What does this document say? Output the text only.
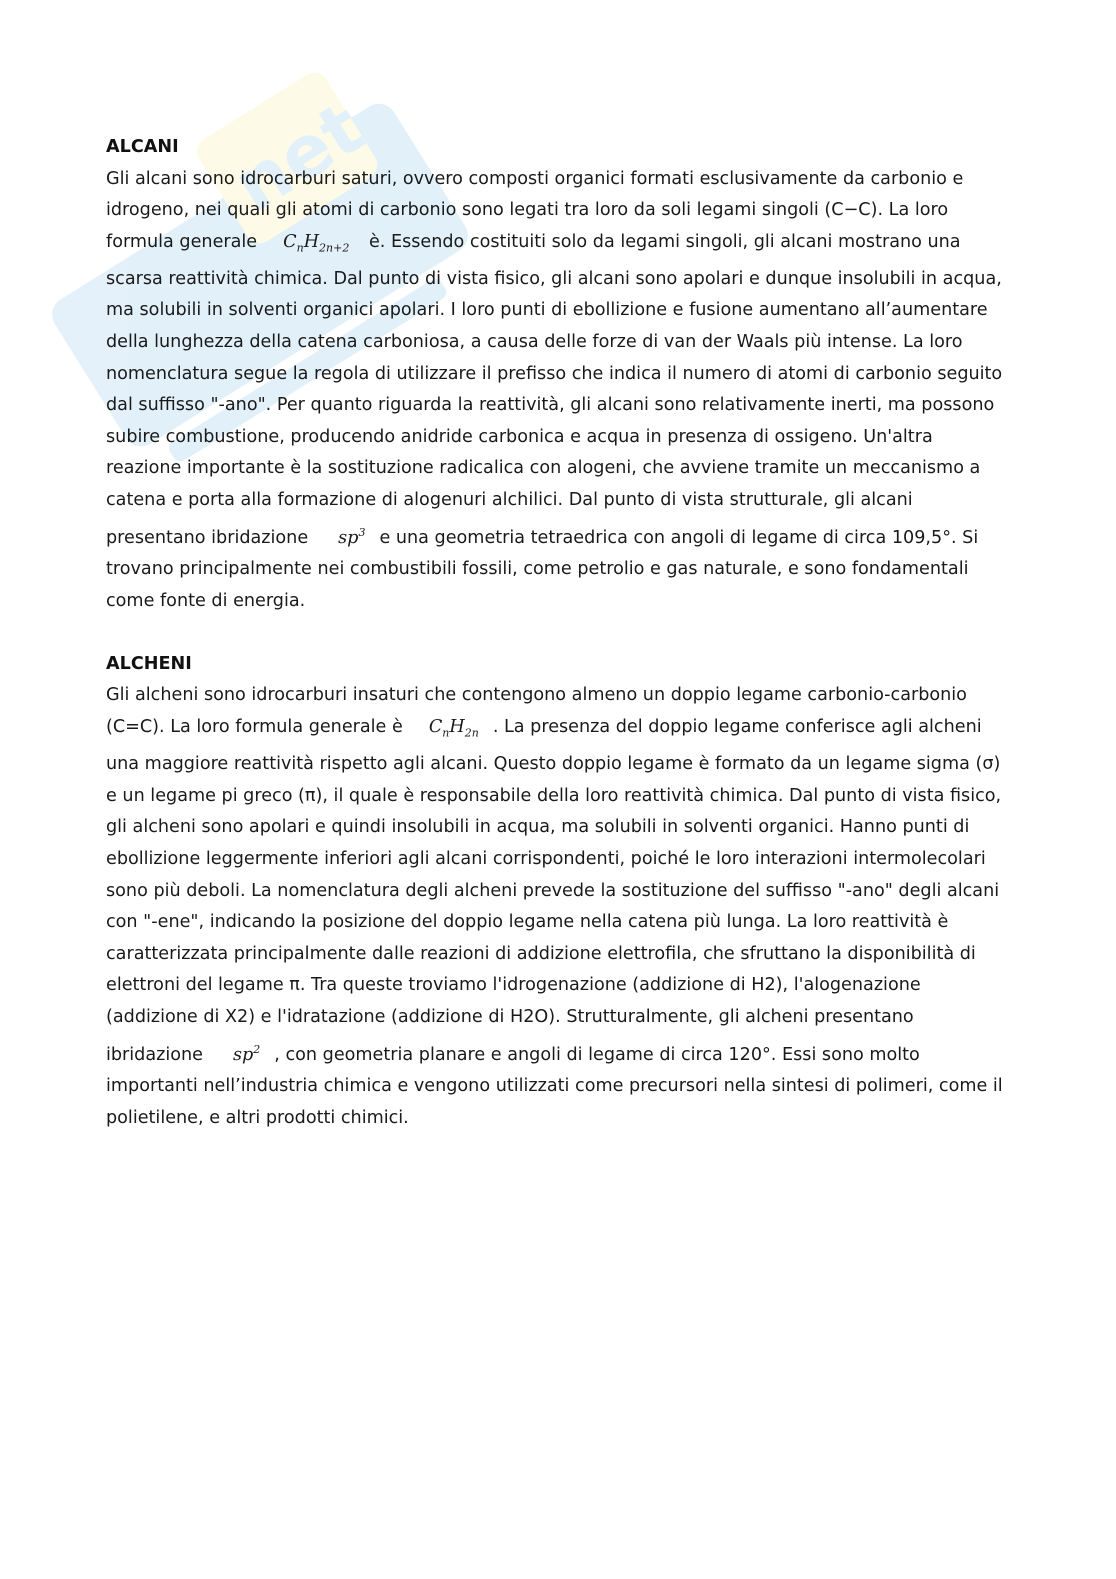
net
ALCANI

Gli alcani sono idrocarburi saturi, ovvero composti organici formati esclusivamente da carbonio e idrogeno, nei quali gli atomi di carbonio sono legati tra loro da soli legami singoli (C−C). La loro formula generale $C_nH_{2n+2}$ è. Essendo costituiti solo da legami singoli, gli alcani mostrano una scarsa reattività chimica. Dal punto di vista fisico, gli alcani sono apolari e dunque insolubili in acqua, ma solubili in solventi organici apolari. I loro punti di ebollizione e fusione aumentano all’aumentare della lunghezza della catena carboniosa, a causa delle forze di van der Waals più intense. La loro nomenclatura segue la regola di utilizzare il prefisso che indica il numero di atomi di carbonio seguito dal suffisso "-ano". Per quanto riguarda la reattività, gli alcani sono relativamente inerti, ma possono subire combustione, producendo anidride carbonica e acqua in presenza di ossigeno. Un'altra reazione importante è la sostituzione radicalica con alogeni, che avviene tramite un meccanismo a catena e porta alla formazione di alogenuri alchilici. Dal punto di vista strutturale, gli alcani presentano ibridazione $sp^3$ e una geometria tetraedrica con angoli di legame di circa 109,5°. Si trovano principalmente nei combustibili fossili, come petrolio e gas naturale, e sono fondamentali come fonte di energia.

ALCHENI

Gli alcheni sono idrocarburi insaturi che contengono almeno un doppio legame carbonio-carbonio (C=C). La loro formula generale è $C_nH_{2n}$ . La presenza del doppio legame conferisce agli alcheni una maggiore reattività rispetto agli alcani. Questo doppio legame è formato da un legame sigma (σ) e un legame pi greco (π), il quale è responsabile della loro reattività chimica. Dal punto di vista fisico, gli alcheni sono apolari e quindi insolubili in acqua, ma solubili in solventi organici. Hanno punti di ebollizione leggermente inferiori agli alcani corrispondenti, poiché le loro interazioni intermolecolari sono più deboli. La nomenclatura degli alcheni prevede la sostituzione del suffisso "-ano" degli alcani con "-ene", indicando la posizione del doppio legame nella catena più lunga. La loro reattività è caratterizzata principalmente dalle reazioni di addizione elettrofila, che sfruttano la disponibilità di elettroni del legame π. Tra queste troviamo l'idrogenazione (addizione di H2), l'alogenazione (addizione di X2) e l'idratazione (addizione di H2O). Strutturalmente, gli alcheni presentano ibridazione $sp^2$ , con geometria planare e angoli di legame di circa 120°. Essi sono molto importanti nell’industria chimica e vengono utilizzati come precursori nella sintesi di polimeri, come il polietilene, e altri prodotti chimici.
